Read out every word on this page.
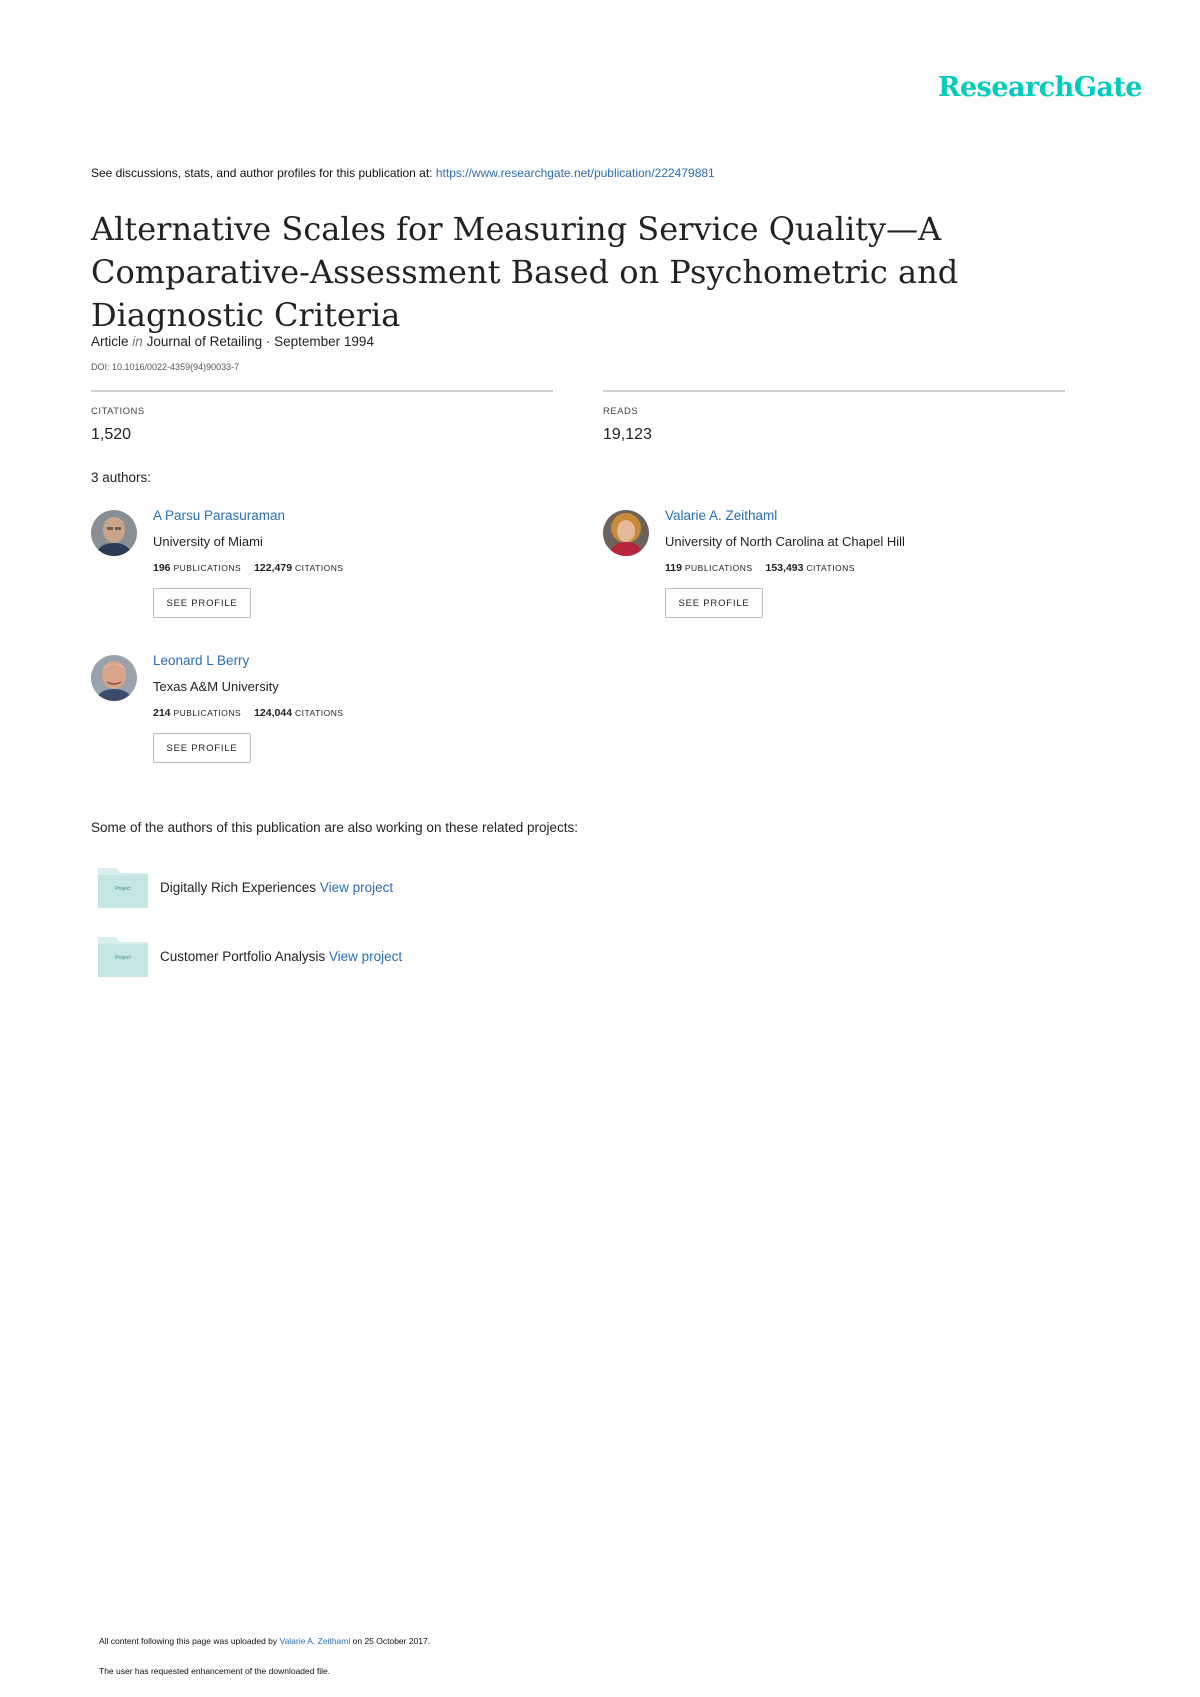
ResearchGate
See discussions, stats, and author profiles for this publication at: https://www.researchgate.net/publication/222479881
Alternative Scales for Measuring Service Quality—A Comparative-Assessment Based on Psychometric and Diagnostic Criteria
Article in Journal of Retailing · September 1994
DOI: 10.1016/0022-4359(94)90033-7
CITATIONS
1,520
READS
19,123
3 authors:
A Parsu Parasuraman
University of Miami
196 PUBLICATIONS 122,479 CITATIONS
SEE PROFILE
Valarie A. Zeithaml
University of North Carolina at Chapel Hill
119 PUBLICATIONS 153,493 CITATIONS
SEE PROFILE
Leonard L Berry
Texas A&M University
214 PUBLICATIONS 124,044 CITATIONS
SEE PROFILE
Some of the authors of this publication are also working on these related projects:
Project	Digitally Rich Experiences View project
Project	Customer Portfolio Analysis View project
All content following this page was uploaded by Valarie A. Zeithaml on 25 October 2017.
The user has requested enhancement of the downloaded file.
